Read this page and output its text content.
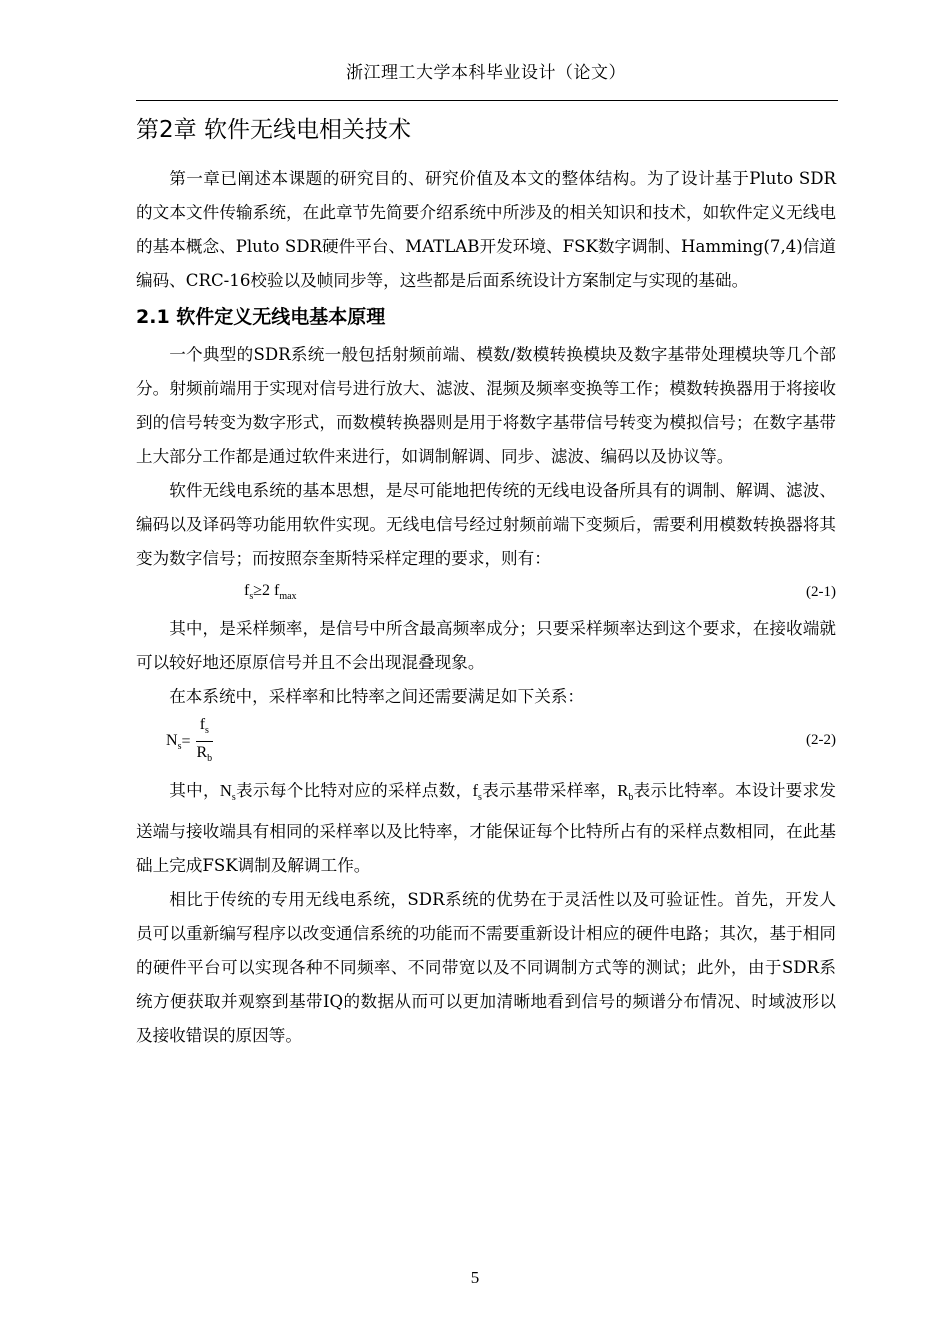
浙江理工大学本科毕业设计（论文）
第2章 软件无线电相关技术

第一章已阐述本课题的研究目的、研究价值及本文的整体结构。为了设计基于Pluto SDR的文本文件传输系统，在此章节先简要介绍系统中所涉及的相关知识和技术，如软件定义无线电的基本概念、Pluto SDR硬件平台、MATLAB开发环境、FSK数字调制、Hamming(7,4)信道编码、CRC-16校验以及帧同步等，这些都是后面系统设计方案制定与实现的基础。

2.1 软件定义无线电基本原理

一个典型的SDR系统一般包括射频前端、模数/数模转换模块及数字基带处理模块等几个部分。射频前端用于实现对信号进行放大、滤波、混频及频率变换等工作；模数转换器用于将接收到的信号转变为数字形式，而数模转换器则是用于将数字基带信号转变为模拟信号；在数字基带上大部分工作都是通过软件来进行，如调制解调、同步、滤波、编码以及协议等。

软件无线电系统的基本思想，是尽可能地把传统的无线电设备所具有的调制、解调、滤波、编码以及译码等功能用软件实现。无线电信号经过射频前端下变频后，需要利用模数转换器将其变为数字信号；而按照奈奎斯特采样定理的要求，则有：

$f_s\ge 2$ $f_{max}$	(2-1)

其中，是采样频率，是信号中所含最高频率成分；只要采样频率达到这个要求，在接收端就可以较好地还原原信号并且不会出现混叠现象。

在本系统中，采样率和比特率之间还需要满足如下关系：

$N_s = \frac{f_s}{R_b}$	(2-2)

其中，$N_s$表示每个比特对应的采样点数，$f_s$表示基带采样率，$R_b$表示比特率。本设计要求发送端与接收端具有相同的采样率以及比特率，才能保证每个比特所占有的采样点数相同，在此基础上完成FSK调制及解调工作。

相比于传统的专用无线电系统，SDR系统的优势在于灵活性以及可验证性。首先，开发人员可以重新编写程序以改变通信系统的功能而不需要重新设计相应的硬件电路；其次，基于相同的硬件平台可以实现各种不同频率、不同带宽以及不同调制方式等的测试；此外，由于SDR系统方便获取并观察到基带IQ的数据从而可以更加清晰地看到信号的频谱分布情况、时域波形以及接收错误的原因等。

5
